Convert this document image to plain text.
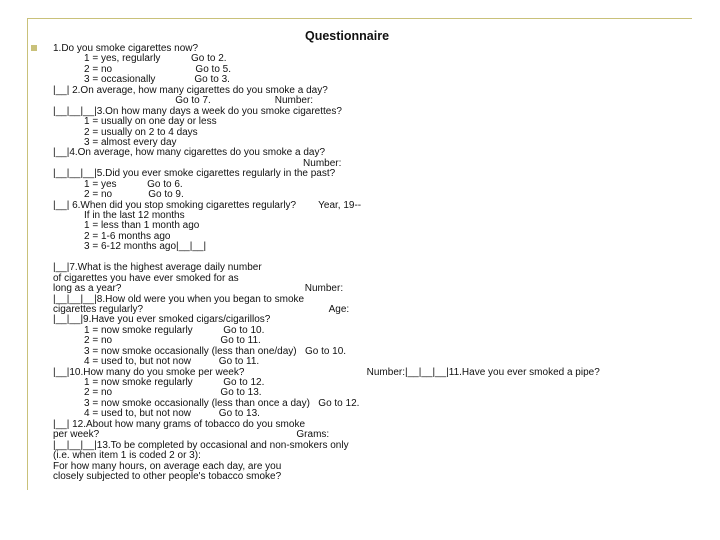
Questionnaire
1.Do you smoke cigarettes now?
1 = yes, regularly           Go to 2.
2 = no                              Go to 5.
3 = occasionally              Go to 3.
|__| 2.On average, how many cigarettes do you smoke a day?
Go to 7.                       Number:
|__|__|__|3.On how many days a week do you smoke cigarettes?
1 = usually on one day or less
2 = usually on 2 to 4 days
3 = almost every day
|__|4.On average, how many cigarettes do you smoke a day?
Number:
|__|__|__|5.Did you ever smoke cigarettes regularly in the past?
1 = yes           Go to 6.
2 = no             Go to 9.
|__| 6.When did you stop smoking cigarettes regularly?        Year, 19--
If in the last 12 months
1 = less than 1 month ago
2 = 1-6 months ago
3 = 6-12 months ago|__|__|
|__|7.What is the highest average daily number
of cigarettes you have ever smoked for as
long as a year?                                                                  Number:
|__|__|__|8.How old were you when you began to smoke
cigarettes regularly?                                                                   Age:
|__|__|9.Have you ever smoked cigars/cigarillos?
1 = now smoke regularly           Go to 10.
2 = no                                       Go to 11.
3 = now smoke occasionally (less than one/day)   Go to 10.
4 = used to, but not now          Go to 11.
|__|10.How many do you smoke per week?                                            Number:|__|__|__|11.Have you ever smoked a pipe?
1 = now smoke regularly           Go to 12.
2 = no                                       Go to 13.
3 = now smoke occasionally (less than once a day)   Go to 12.
4 = used to, but not now          Go to 13.
|__| 12.About how many grams of tobacco do you smoke
per week?                                                                       Grams:
|__|__|__|13.To be completed by occasional and non-smokers only
(i.e. when item 1 is coded 2 or 3):
For how many hours, on average each day, are you
closely subjected to other people's tobacco smoke?
